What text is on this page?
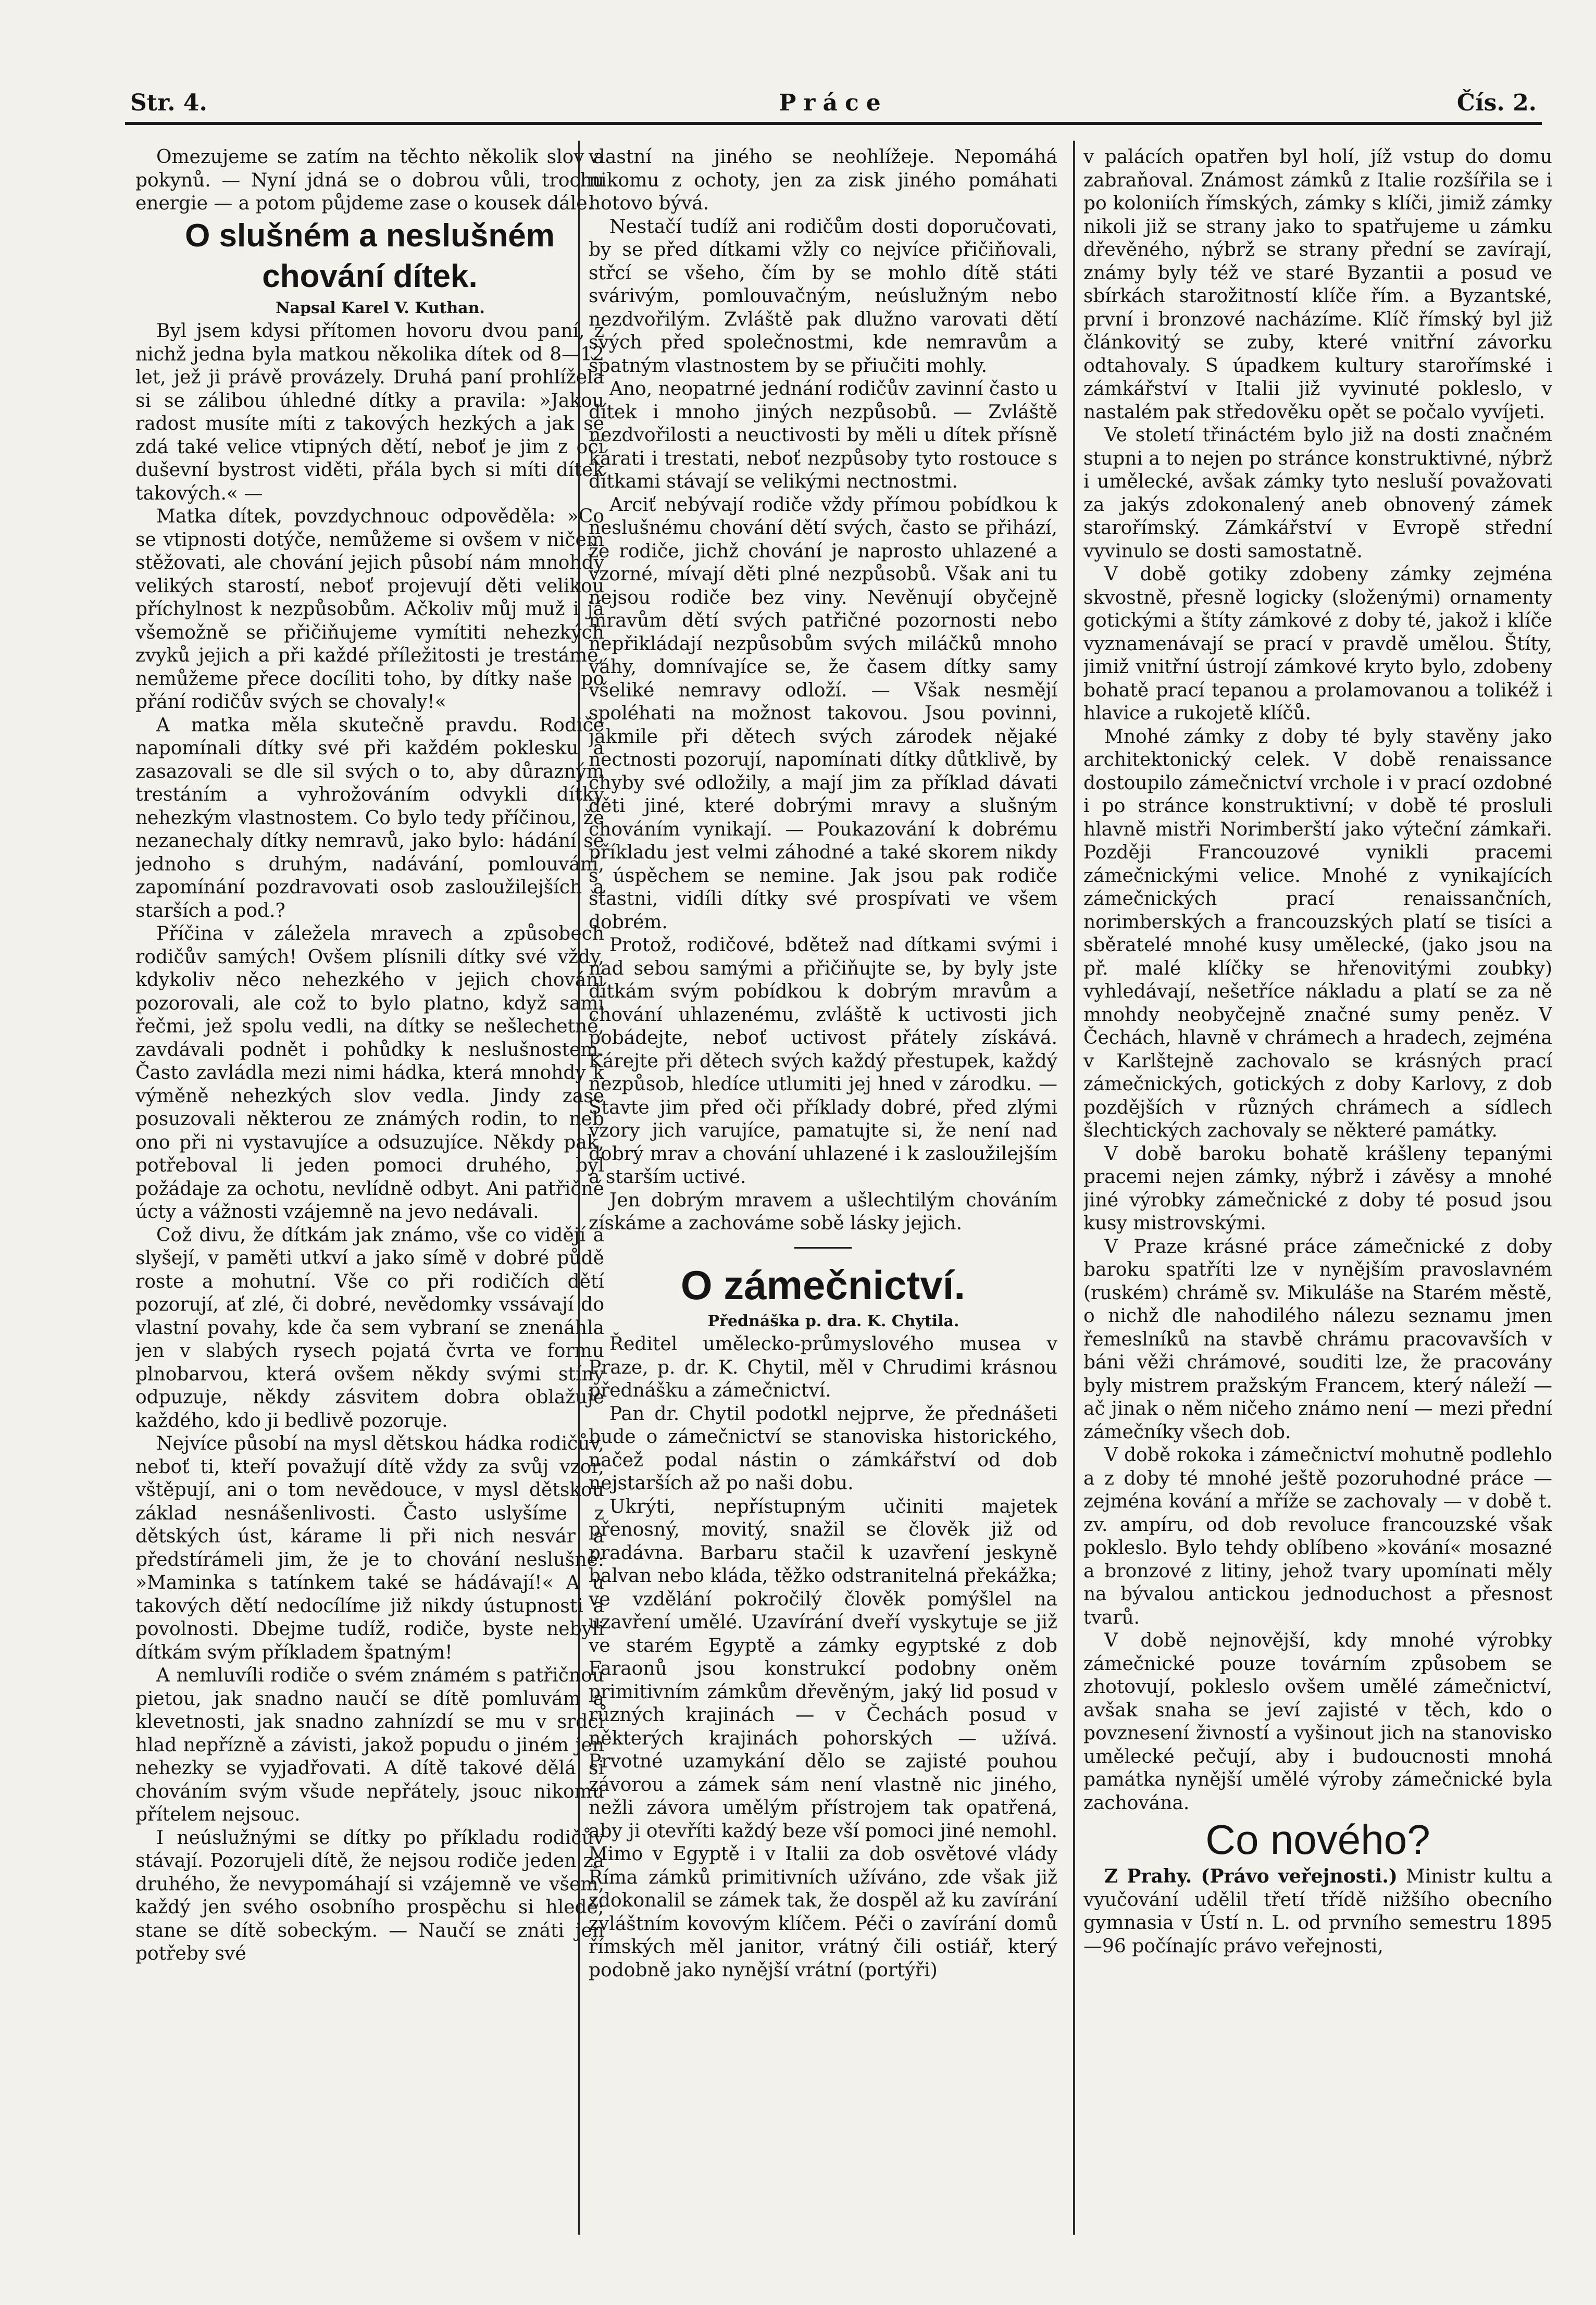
Str. 4.	Práce	Čís. 2.

Omezujeme se zatím na těchto několik slov a pokynů. — Nyní jdná se o dobrou vůli, trochu energie — a potom půjdeme zase o kousek dále.

O slušném a neslušném chování dítek.

Napsal Karel V. Kuthan.

Byl jsem kdysi přítomen hovoru dvou paní, z nichž jedna byla matkou několika dítek od 8—12 let, jež ji právě provázely. Druhá paní prohlížela si se zálibou úhledné dítky a pravila: »Jakou radost musíte míti z takových hezkých a jak se zdá také velice vtipných dětí, neboť je jim z očí duševní bystrost viděti, přála bych si míti dítek takových.« —

Matka dítek, povzdychnouc odpověděla: »Co se vtipnosti dotýče, nemůžeme si ovšem v ničem stěžovati, ale chování jejich působí nám mnohdy velikých starostí, neboť projevují děti velikou příchylnost k nezpůsobům. Ačkoliv můj muž i já všemožně se přičiňujeme vymítiti nehezkých zvyků jejich a při každé příležitosti je trestáme, nemůžeme přece docíliti toho, by dítky naše po přání rodičův svých se chovaly!«

A matka měla skutečně pravdu. Rodiče napomínali dítky své při každém poklesku a zasazovali se dle sil svých o to, aby důrazným trestáním a vyhrožováním odvykli dítky nehezkým vlastnostem. Co bylo tedy příčinou, že nezanechaly dítky nemravů, jako bylo: hádání se jednoho s druhým, nadávání, pomlouvání, zapomínání pozdravovati osob zasloužilejších a starších a pod.?

Příčina v záležela mravech a způsobech rodičův samých! Ovšem plísnili dítky své vždy, kdykoliv něco nehezkého v jejich chování pozorovali, ale což to bylo platno, když sami řečmi, jež spolu vedli, na dítky se nešlechetně, zavdávali podnět i pohůdky k neslušnostem. Často zavládla mezi nimi hádka, která mnohdy k výměně nehezkých slov vedla. Jindy zase posuzovali některou ze známých rodin, to neb ono při ni vystavujíce a odsuzujíce. Někdy pak, potřeboval li jeden pomoci druhého, byl požádaje za ochotu, nevlídně odbyt. Ani patřičné úcty a vážnosti vzájemně na jevo nedávali.

Což divu, že dítkám jak známo, vše co vidějí a slyšejí, v paměti utkví a jako símě v dobré půdě roste a mohutní. Vše co při rodičích dětí pozorují, ať zlé, či dobré, nevědomky vssávají do vlastní povahy, kde ča sem vybraní se znenáhla jen v slabých rysech pojatá čvrta ve formu plnobarvou, která ovšem někdy svými stíny odpuzuje, někdy zásvitem dobra oblažuje každého, kdo ji bedlivě pozoruje.

Nejvíce působí na mysl dětskou hádka rodičův, neboť ti, kteří považují dítě vždy za svůj vzor, vštěpují, ani o tom nevědouce, v mysl dětskou základ nesnášenlivosti. Často uslyšíme z dětských úst, kárame li při nich nesvár a předstírámeli jim, že je to chování neslušné: »Maminka s tatínkem také se hádávají!« A u takových dětí nedocílíme již nikdy ústupnosti a povolnosti. Dbejme tudíž, rodiče, byste nebyli dítkám svým příkladem špatným!

A nemluvíli rodiče o svém známém s patřičnou pietou, jak snadno naučí se dítě pomluvám a klevetnosti, jak snadno zahnízdí se mu v srdci hlad nepřízně a závisti, jakož popudu o jiném jen nehezky se vyjadřovati. A dítě takové dělá si chováním svým všude nepřátely, jsouc nikomu přítelem nejsouc.

I neúslužnými se dítky po příkladu rodičův stávají. Pozorujeli dítě, že nejsou rodiče jeden za druhého, že nevypomáhají si vzájemně ve všem, každý jen svého osobního prospěchu si hledě; stane se dítě sobeckým. — Naučí se znáti jen potřeby své

vlastní na jiného se neohlížeje. Nepomáhá nikomu z ochoty, jen za zisk jiného pomáhati hotovo bývá.

Nestačí tudíž ani rodičům dosti doporučovati, by se před dítkami vžly co nejvíce přičiňovali, střcí se všeho, čím by se mohlo dítě státi svárivým, pomlouvačným, neúslužným nebo nezdvořilým. Zvláště pak dlužno varovati dětí svých před společnostmi, kde nemravům a špatným vlastnostem by se přiučiti mohly.

Ano, neopatrné jednání rodičův zavinní často u dítek i mnoho jiných nezpůsobů. — Zvláště nezdvořilosti a neuctivosti by měli u dítek přísně kárati i trestati, neboť nezpůsoby tyto rostouce s dítkami stávají se velikými nectnostmi.

Arciť nebývají rodiče vždy přímou pobídkou k neslušnému chování dětí svých, často se přihází, že rodiče, jichž chování je naprosto uhlazené a vzorné, mívají děti plné nezpůsobů. Však ani tu nejsou rodiče bez viny. Nevěnují obyčejně mravům dětí svých patřičné pozornosti nebo nepřikládají nezpůsobům svých miláčků mnoho váhy, domnívajíce se, že časem dítky samy všeliké nemravy odloží. — Však nesmějí spoléhati na možnost takovou. Jsou povinni, jakmile při dětech svých zárodek nějaké nectnosti pozorují, napomínati dítky důtklivě, by chyby své odložily, a mají jim za příklad dávati děti jiné, které dobrými mravy a slušným chováním vynikají. — Poukazování k dobrému příkladu jest velmi záhodné a také skorem nikdy s úspěchem se nemine. Jak jsou pak rodiče šťastni, vidíli dítky své prospívati ve všem dobrém.

Protož, rodičové, bdětež nad dítkami svými i nad sebou samými a přičiňujte se, by byly jste dítkám svým pobídkou k dobrým mravům a chování uhlazenému, zvláště k uctivosti jich pobádejte, neboť uctivost přátely získává. Kárejte při dětech svých každý přestupek, každý nezpůsob, hledíce utlumiti jej hned v zárodku. — Stavte jim před oči příklady dobré, před zlými vzory jich varujíce, pamatujte si, že není nad dobrý mrav a chování uhlazené i k zasloužilejším a starším uctivé.

Jen dobrým mravem a ušlechtilým chováním získáme a zachováme sobě lásky jejich.

O zámečnictví.

Přednáška p. dra. K. Chytila.

Ředitel umělecko-průmyslového musea v Praze, p. dr. K. Chytil, měl v Chrudimi krásnou přednášku a zámečnictví.

Pan dr. Chytil podotkl nejprve, že přednášeti bude o zámečnictví se stanoviska historického, načež podal nástin o zámkářství od dob nejstarších až po naši dobu.

Ukrýti, nepřístupným učiniti majetek přenosný, movitý, snažil se člověk již od pradávna. Barbaru stačil k uzavření jeskyně balvan nebo kláda, těžko odstranitelná překážka; ve vzdělání pokročilý člověk pomýšlel na uzavření umělé. Uzavírání dveří vyskytuje se již ve starém Egyptě a zámky egyptské z dob Faraonů jsou konstrukcí podobny oněm primitivním zámkům dřevěným, jaký lid posud v různých krajinách — v Čechách posud v některých krajinách pohorských — užívá. Prvotné uzamykání dělo se zajisté pouhou závorou a zámek sám není vlastně nic jiného, nežli závora umělým přístrojem tak opatřená, aby ji otevříti každý beze vší pomoci jiné nemohl. Mimo v Egyptě i v Italii za dob osvětové vlády Říma zámků primitivních užíváno, zde však již zdokonalil se zámek tak, že dospěl až ku zavírání zvláštním kovovým klíčem. Péči o zavírání domů římských měl janitor, vrátný čili ostiář, který podobně jako nynější vrátní (portýři)

v palácích opatřen byl holí, jíž vstup do domu zabraňoval. Známost zámků z Italie rozšířila se i po koloniích římských, zámky s klíči, jimiž zámky nikoli již se strany jako to spatřujeme u zámku dřevěného, nýbrž se strany přední se zavírají, známy byly též ve staré Byzantii a posud ve sbírkách starožitností klíče řím. a Byzantské, první i bronzové nacházíme. Klíč římský byl již článkovitý se zuby, které vnitřní závorku odtahovaly. S úpadkem kultury starořímské i zámkářství v Italii již vyvinuté pokleslo, v nastalém pak středověku opět se počalo vyvíjeti.

Ve století třináctém bylo již na dosti značném stupni a to nejen po stránce konstruktivné, nýbrž i umělecké, avšak zámky tyto nesluší považovati za jakýs zdokonalený aneb obnovený zámek starořímský. Zámkářství v Evropě střední vyvinulo se dosti samostatně.

V době gotiky zdobeny zámky zejména skvostně, přesně logicky (složenými) ornamenty gotickými a štíty zámkové z doby té, jakož i klíče vyznamenávají se prací v pravdě umělou. Štíty, jimiž vnitřní ústrojí zámkové kryto bylo, zdobeny bohatě prací tepanou a prolamovanou a tolikéž i hlavice a rukojetě klíčů.

Mnohé zámky z doby té byly stavěny jako architektonický celek. V době renaissance dostoupilo zámečnictví vrchole i v prací ozdobné i po stránce konstruktivní; v době té prosluli hlavně mistři Norimberští jako výteční zámkaři. Později Francouzové vynikli pracemi zámečnickými velice. Mnohé z vynikajících zámečnických prací renaissančních, norimberských a francouzských platí se tisíci a sběratelé mnohé kusy umělecké, (jako jsou na př. malé klíčky se hřenovitými zoubky) vyhledávají, nešetříce nákladu a platí se za ně mnohdy neobyčejně značné sumy peněz. V Čechách, hlavně v chrámech a hradech, zejména v Karlštejně zachovalo se krásných prací zámečnických, gotických z doby Karlovy, z dob pozdějších v různých chrámech a sídlech šlechtických zachovaly se některé památky.

V době baroku bohatě krášleny tepanými pracemi nejen zámky, nýbrž i závěsy a mnohé jiné výrobky zámečnické z doby té posud jsou kusy mistrovskými.

V Praze krásné práce zámečnické z doby baroku spatříti lze v nynějším pravoslavném (ruském) chrámě sv. Mikuláše na Starém městě, o nichž dle nahodilého nálezu seznamu jmen řemeslníků na stavbě chrámu pracovavších v báni věži chrámové, souditi lze, že pracovány byly mistrem pražským Francem, který náleží — ač jinak o něm ničeho známo není — mezi přední zámečníky všech dob.

V době rokoka i zámečnictví mohutně podlehlo a z doby té mnohé ještě pozoruhodné práce — zejména kování a mříže se zachovaly — v době t. zv. ampíru, od dob revoluce francouzské však pokleslo. Bylo tehdy oblíbeno »kování« mosazné a bronzové z litiny, jehož tvary upomínati měly na bývalou antickou jednoduchost a přesnost tvarů.

V době nejnovější, kdy mnohé výrobky zámečnické pouze továrním způsobem se zhotovují, pokleslo ovšem umělé zámečnictví, avšak snaha se jeví zajisté v těch, kdo o povznesení živností a vyšinout jich na stanovisko umělecké pečují, aby i budoucnosti mnohá památka nynější umělé výroby zámečnické byla zachována.

Co nového?

Z Prahy. (Právo veřejnosti.) Ministr kultu a vyučování udělil třetí třídě nižšího obecního gymnasia v Ústí n. L. od prvního semestru 1895—96 počínajíc právo veřejnosti,
